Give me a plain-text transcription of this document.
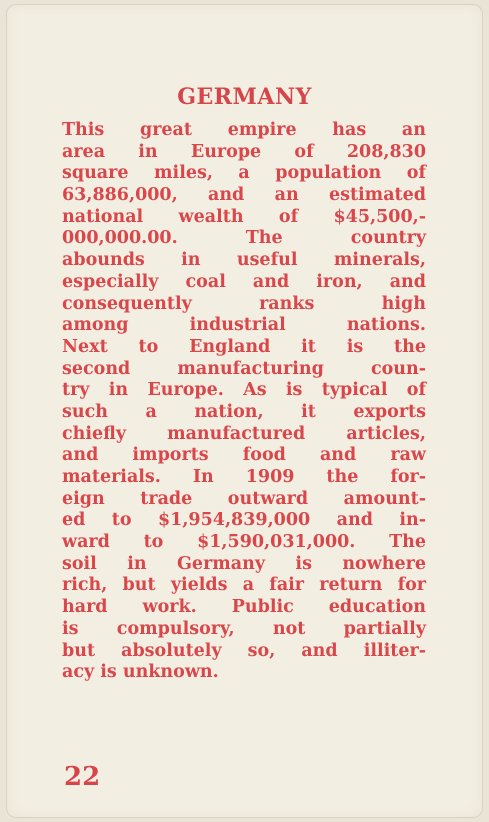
GERMANY
This great empire has an
area in Europe of 208,830
square miles, a population of
63,886,000, and an estimated
national wealth of $45,500,-
000,000.00. The country
abounds in useful minerals,
especially coal and iron, and
consequently ranks high
among industrial nations.
Next to England it is the
second manufacturing coun-
try in Europe. As is typical of
such a nation, it exports
chiefly manufactured articles,
and imports food and raw
materials. In 1909 the for-
eign trade outward amount-
ed to $1,954,839,000 and in-
ward to $1,590,031,000. The
soil in Germany is nowhere
rich, but yields a fair return for
hard work. Public education
is compulsory, not partially
but absolutely so, and illiter-
acy is unknown.

22
